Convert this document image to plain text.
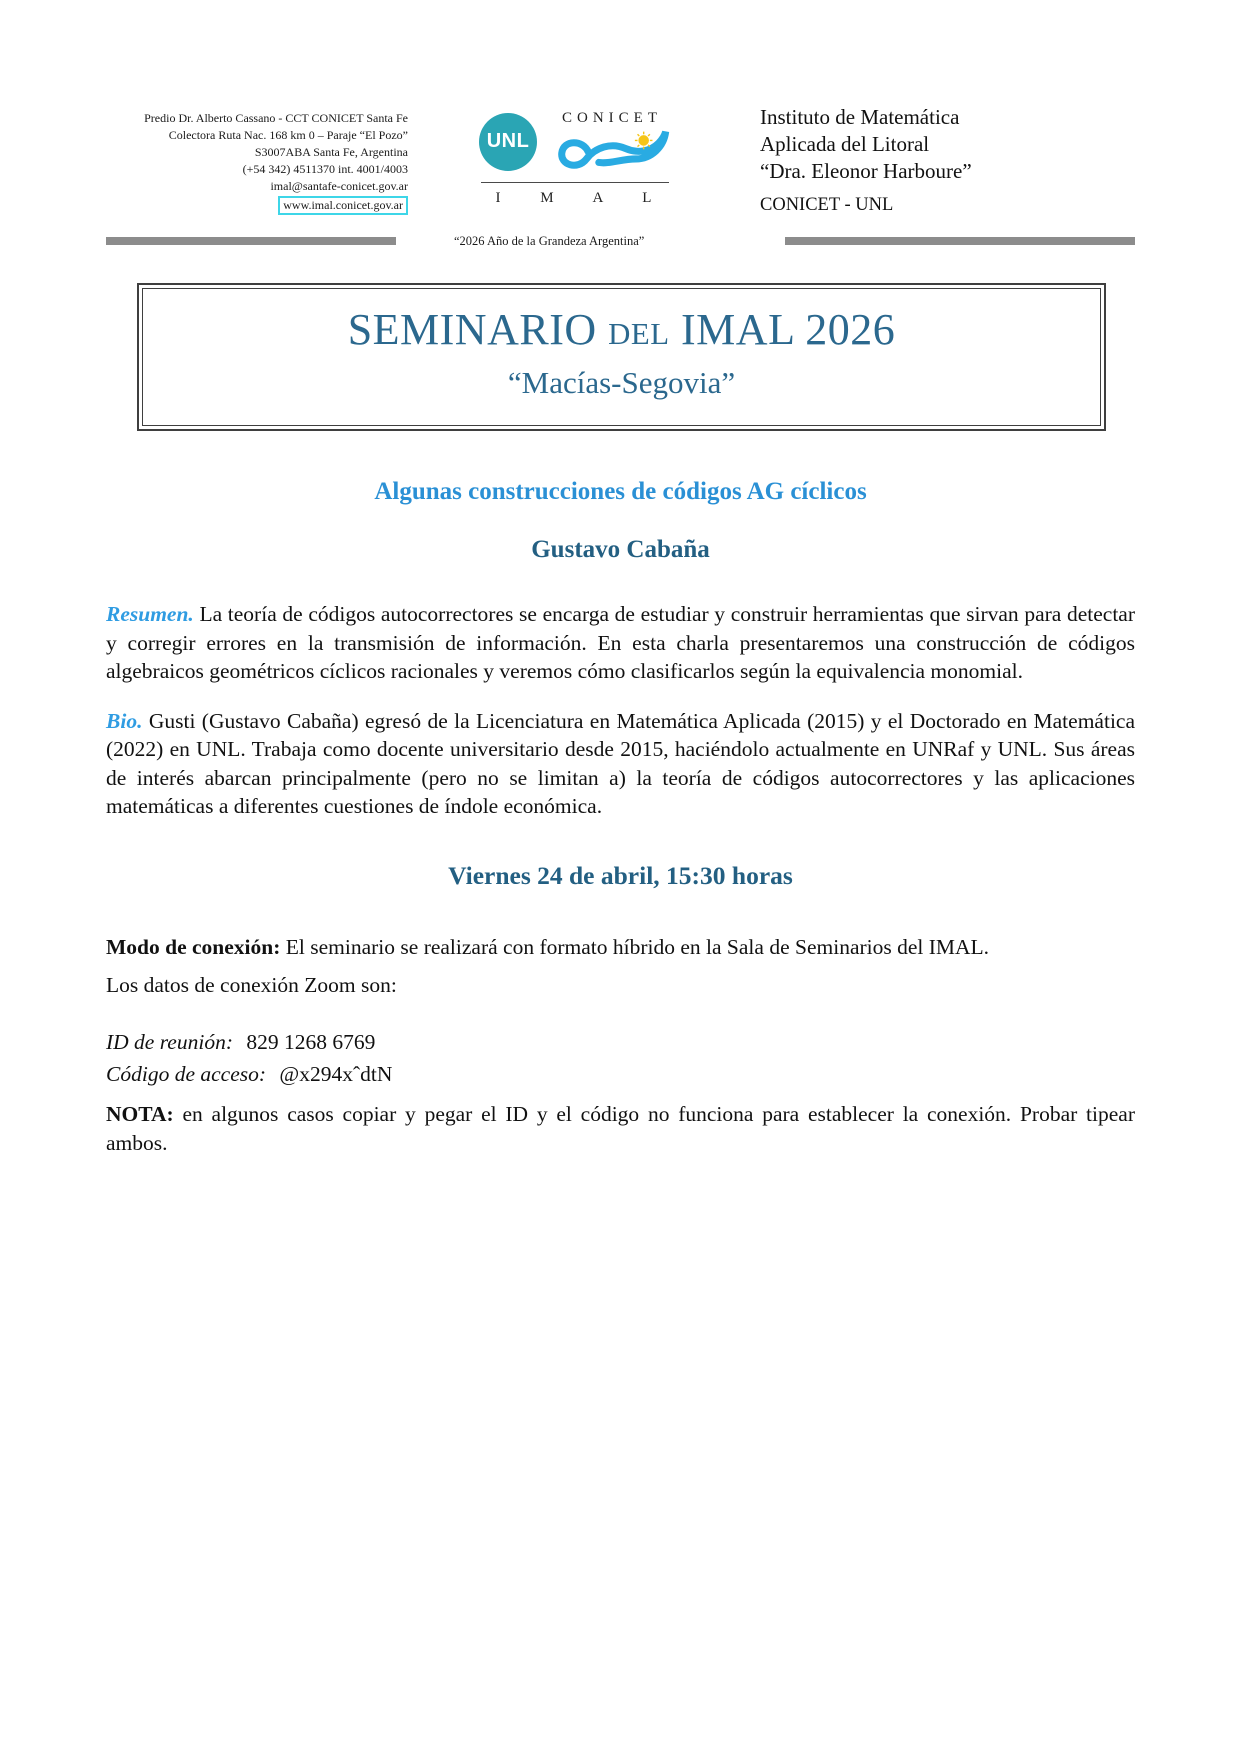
Predio Dr. Alberto Cassano - CCT CONICET Santa Fe
Colectora Ruta Nac. 168 km 0 – Paraje “El Pozo”
S3007ABA Santa Fe, Argentina
(+54 342) 4511370 int. 4001/4003
imal@santafe-conicet.gov.ar
www.imal.conicet.gov.ar
UNL
CONICET
I M A L
Instituto de Matemática
Aplicada del Litoral
“Dra. Eleonor Harboure”
CONICET - UNL
“2026 Año de la Grandeza Argentina”
SEMINARIO DEL IMAL 2026
“Macías-Segovia”
Algunas construcciones de códigos AG cíclicos
Gustavo Cabaña
Resumen. La teoría de códigos autocorrectores se encarga de estudiar y construir herramientas que sirvan para detectar y corregir errores en la transmisión de información. En esta charla presentaremos una construcción de códigos algebraicos geométricos cíclicos racionales y veremos cómo clasificarlos según la equivalencia monomial.
Bio. Gusti (Gustavo Cabaña) egresó de la Licenciatura en Matemática Aplicada (2015) y el Doctorado en Matemática (2022) en UNL. Trabaja como docente universitario desde 2015, haciéndolo actualmente en UNRaf y UNL. Sus áreas de interés abarcan principalmente (pero no se limitan a) la teoría de códigos autocorrectores y las aplicaciones matemáticas a diferentes cuestiones de índole económica.
Viernes 24 de abril, 15:30 horas
Modo de conexión: El seminario se realizará con formato híbrido en la Sala de Seminarios del IMAL.
Los datos de conexión Zoom son:
ID de reunión: 829 1268 6769
Código de acceso: @x294xˆdtN
NOTA: en algunos casos copiar y pegar el ID y el código no funciona para establecer la conexión. Probar tipear ambos.
